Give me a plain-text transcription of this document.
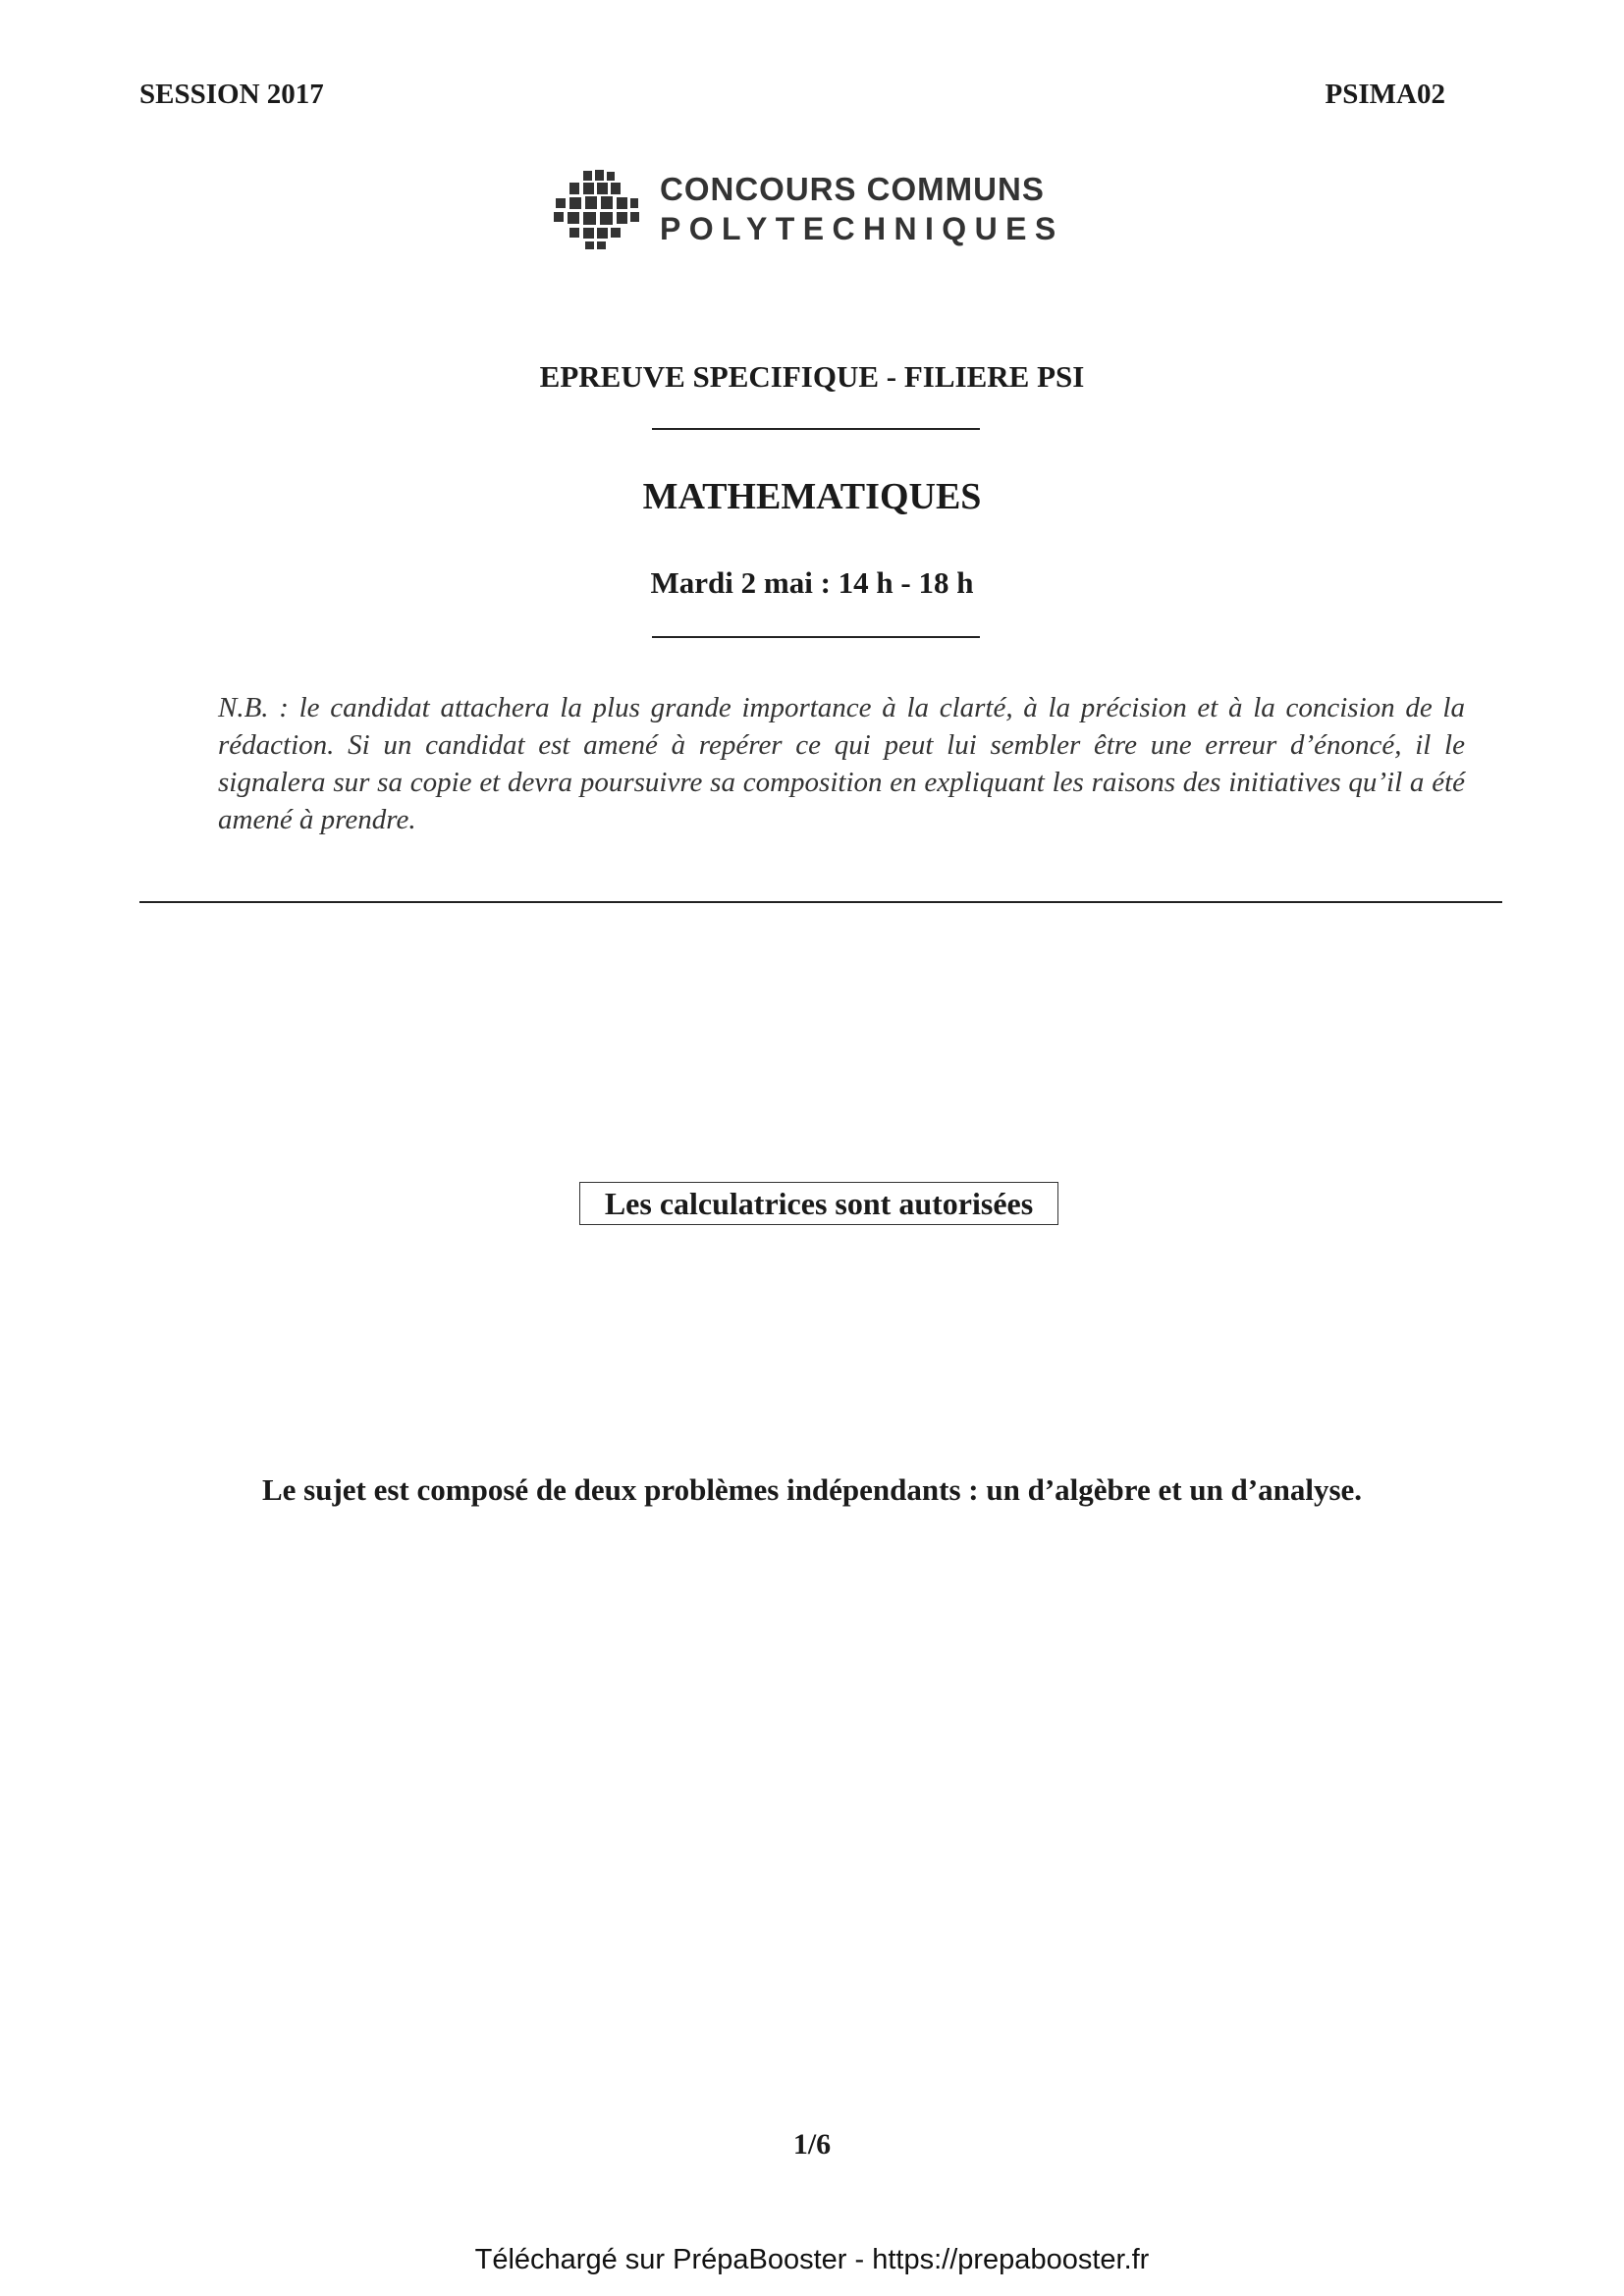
SESSION 2017	PSIMA02
CONCOURS COMMUNS
POLYTECHNIQUES
EPREUVE SPECIFIQUE - FILIERE PSI
MATHEMATIQUES
Mardi 2 mai : 14 h - 18 h
N.B. : le candidat attachera la plus grande importance à la clarté, à la précision et à la concision de la rédaction. Si un candidat est amené à repérer ce qui peut lui sembler être une erreur d’énoncé, il le signalera sur sa copie et devra poursuivre sa composition en expliquant les raisons des initiatives qu’il a été amené à prendre.
Les calculatrices sont autorisées
Le sujet est composé de deux problèmes indépendants : un d’algèbre et un d’analyse.
1/6
Téléchargé sur PrépaBooster - https://prepabooster.fr
